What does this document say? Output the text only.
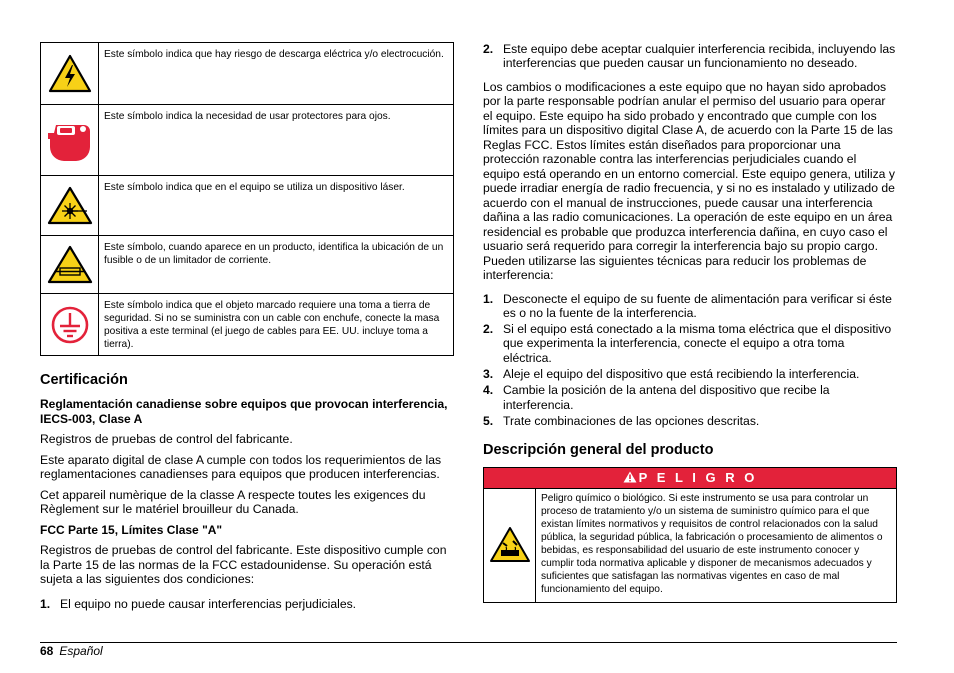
	Este símbolo indica que hay riesgo de descarga eléctrica y/o electrocución.

	Este símbolo indica la necesidad de usar protectores para ojos.

	Este símbolo indica que en el equipo se utiliza un dispositivo láser.

	Este símbolo, cuando aparece en un producto, identifica la ubicación de un fusible o de un limitador de corriente.

	Este símbolo indica que el objeto marcado requiere una toma a tierra de seguridad. Si no se suministra con un cable con enchufe, conecte la masa positiva a este terminal (el juego de cables para EE. UU. incluye toma a tierra).
Certificación
Reglamentación canadiense sobre equipos que provocan interferencia, IECS-003, Clase A

Registros de pruebas de control del fabricante.

Este aparato digital de clase A cumple con todos los requerimientos de las reglamentaciones canadienses para equipos que producen interferencias.

Cet appareil numèrique de la classe A respecte toutes les exigences du Règlement sur le matériel brouilleur du Canada.

FCC Parte 15, Límites Clase "A"

Registros de pruebas de control del fabricante. Este dispositivo cumple con la Parte 15 de las normas de la FCC estadounidense. Su operación está sujeta a las siguientes dos condiciones:

1. El equipo no puede causar interferencias perjudiciales.
2. Este equipo debe aceptar cualquier interferencia recibida, incluyendo las interferencias que pueden causar un funcionamiento no deseado.

Los cambios o modificaciones a este equipo que no hayan sido aprobados por la parte responsable podrían anular el permiso del usuario para operar el equipo. Este equipo ha sido probado y encontrado que cumple con los límites para un dispositivo digital Clase A, de acuerdo con la Parte 15 de las Reglas FCC. Estos límites están diseñados para proporcionar una protección razonable contra las interferencias perjudiciales cuando el equipo está operando en un entorno comercial. Este equipo genera, utiliza y puede irradiar energía de radio frecuencia, y si no es instalado y utilizado de acuerdo con el manual de instrucciones, puede causar una interferencia dañina a las radio comunicaciones. La operación de este equipo en un área residencial es probable que produzca interferencia dañina, en cuyo caso el usuario será requerido para corregir la interferencia bajo su propio cargo. Pueden utilizarse las siguientes técnicas para reducir los problemas de interferencia:

1. Desconecte el equipo de su fuente de alimentación para verificar si éste es o no la fuente de la interferencia.
2. Si el equipo está conectado a la misma toma eléctrica que el dispositivo que experimenta la interferencia, conecte el equipo a otra toma eléctrica.
3. Aleje el equipo del dispositivo que está recibiendo la interferencia.
4. Cambie la posición de la antena del dispositivo que recibe la interferencia.
5. Trate combinaciones de las opciones descritas.
Descripción general del producto
P E L I G R O
Peligro químico o biológico. Si este instrumento se usa para controlar un proceso de tratamiento y/o un sistema de suministro químico para el que existan límites normativos y requisitos de control relacionados con la salud pública, la seguridad pública, la fabricación o procesamiento de alimentos o bebidas, es responsabilidad del usuario de este instrumento conocer y cumplir toda normativa aplicable y disponer de mecanismos adecuados y suficientes que satisfagan las normativas vigentes en caso de mal funcionamiento del equipo.
68 Español
